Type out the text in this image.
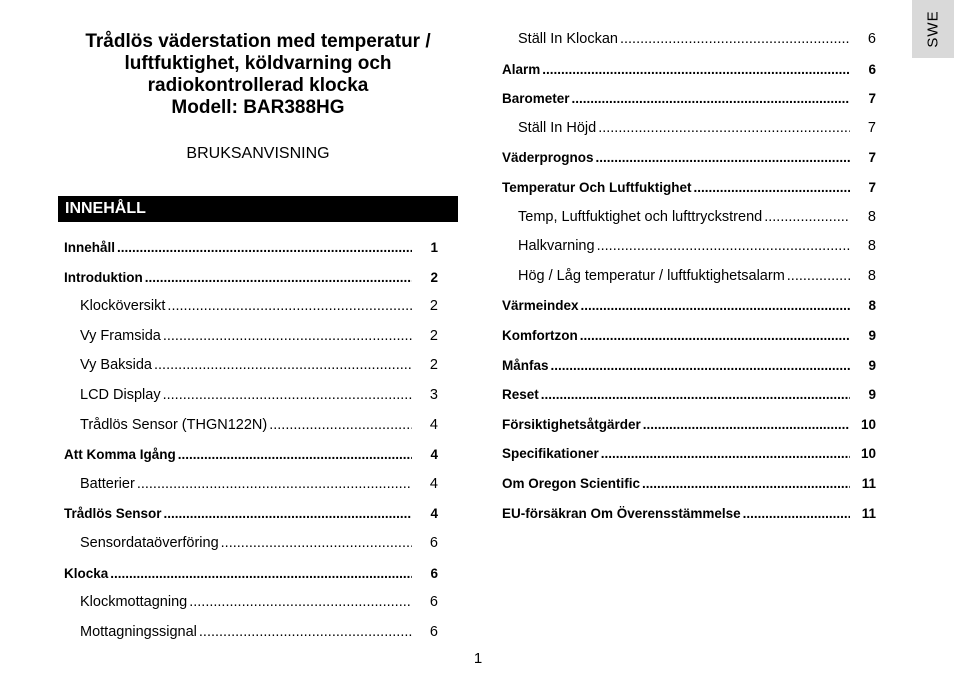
Trådlös väderstation med temperatur /
luftfuktighet, köldvarning och
radiokontrollerad klocka
Modell: BAR388HG
BRUKSANVISNING
INNEHÅLL
Innehåll .....	1
Introduktion .....	2
Klocköversikt .....	2
Vy Framsida .....	2
Vy Baksida .....	2
LCD Display .....	3
Trådlös Sensor (THGN122N) .....	4
Att Komma Igång .....	4
Batterier .....	4
Trådlös Sensor .....	4
Sensordataöverföring .....	6
Klocka .....	6
Klockmottagning .....	6
Mottagningssignal .....	6
Ställ In Klockan .....	6
Alarm .....	6
Barometer .....	7
Ställ In Höjd .....	7
Väderprognos .....	7
Temperatur Och Luftfuktighet .....	7
Temp, Luftfuktighet och lufttryckstrend .....	8
Halkvarning .....	8
Hög / Låg temperatur / luftfuktighetsalarm .....	8
Värmeindex .....	8
Komfortzon .....	9
Månfas .....	9
Reset .....	9
Försiktighetsåtgärder .....	10
Specifikationer .....	10
Om Oregon Scientific .....	11
EU-försäkran Om Överensstämmelse .....	11
SWE
1
